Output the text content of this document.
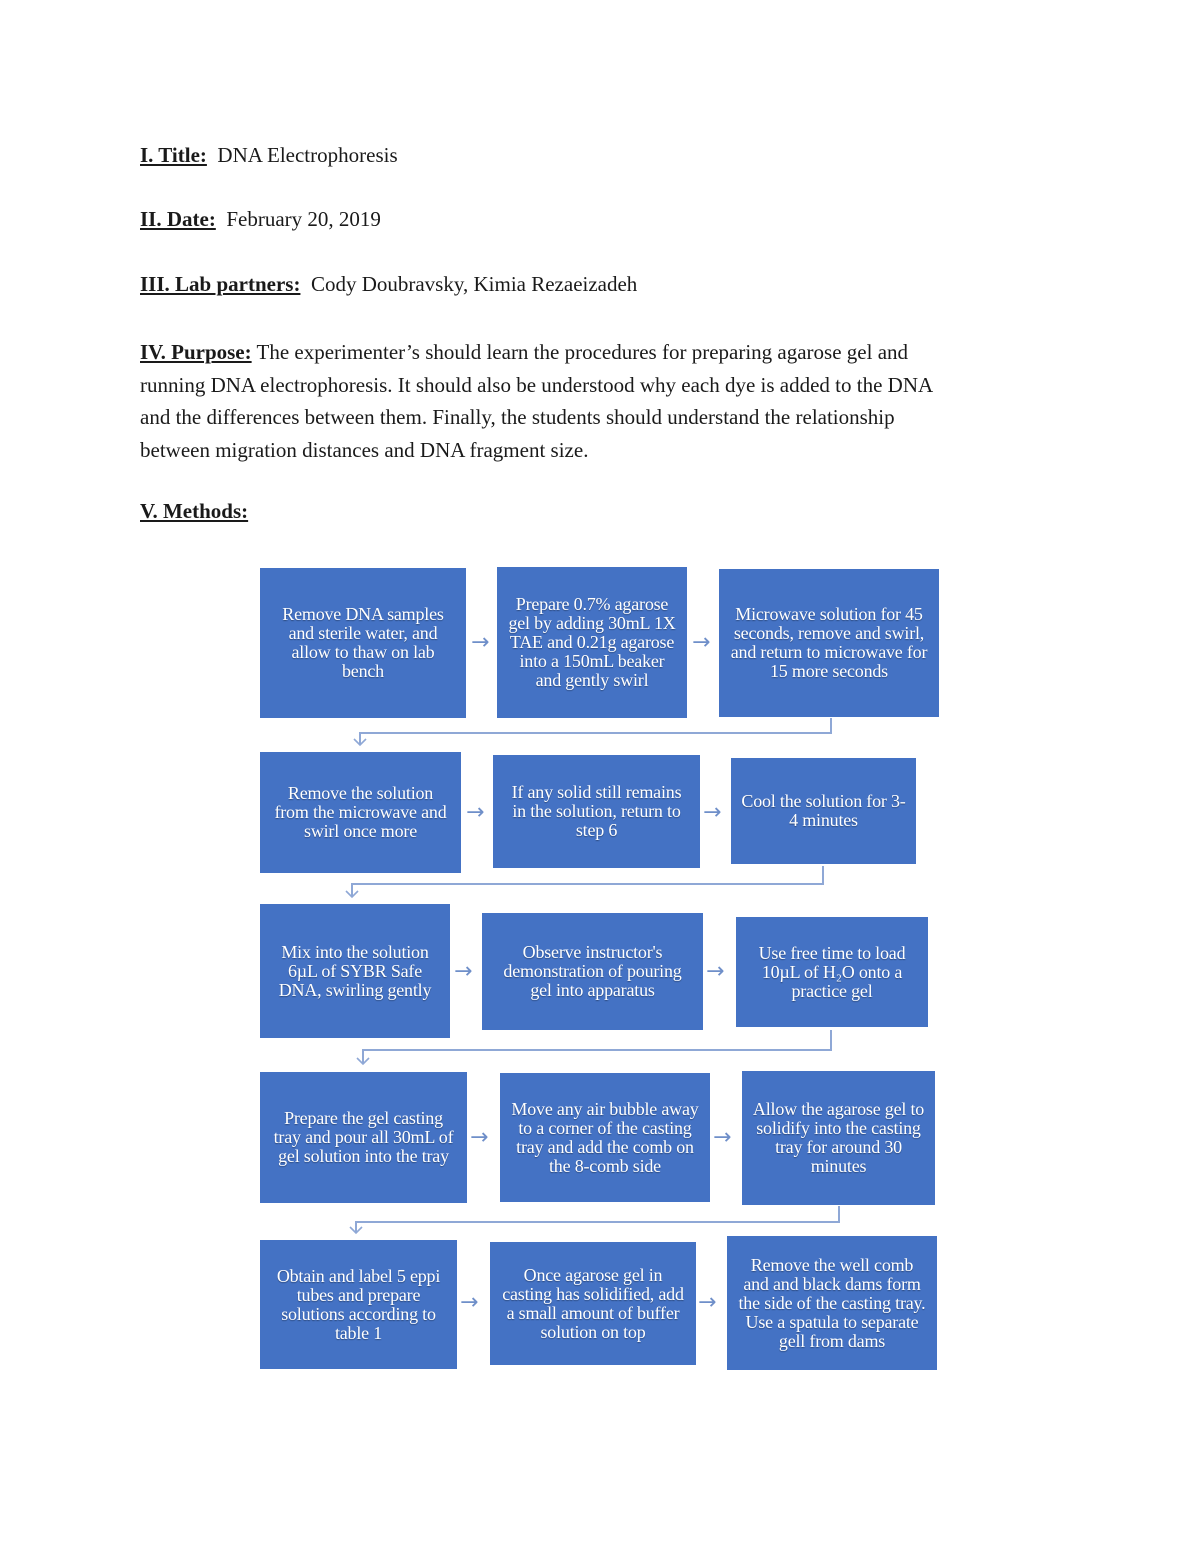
I. Title: DNA Electrophoresis
II. Date: February 20, 2019
III. Lab partners: Cody Doubravsky, Kimia Rezaeizadeh

IV. Purpose: The experimenter’s should learn the procedures for preparing agarose gel and

running DNA electrophoresis. It should also be understood why each dye is added to the DNA

and the differences between them. Finally, the students should understand the relationship

between migration distances and DNA fragment size.

V. Methods:
Remove DNA samples and sterile water, and allow to thaw on lab bench
→
Prepare 0.7% agarose gel by adding 30mL 1X TAE and 0.21g agarose into a 150mL beaker and gently swirl
→
Microwave solution for 45 seconds, remove and swirl, and return to microwave for 15 more seconds
Remove the solution from the microwave and swirl once more
→
If any solid still remains in the solution, return to step 6
→	Cool the solution for 3-4 minutes
Mix into the solution 6µL of SYBR Safe DNA, swirling gently
→
Observe instructor's demonstration of pouring gel into apparatus
→
Use free time to load 10µL of H₂O onto a practice gel
Prepare the gel casting tray and pour all 30mL of gel solution into the tray
→
Move any air bubble away to a corner of the casting tray and add the comb on the 8-comb side
→
Allow the agarose gel to solidify into the casting tray for around 30 minutes
Obtain and label 5 eppi tubes and prepare solutions according to table 1
→
Once agarose gel in casting has solidified, add a small amount of buffer solution on top
→
Remove the well comb and and black dams form the side of the casting tray. Use a spatula to separate gell from dams
